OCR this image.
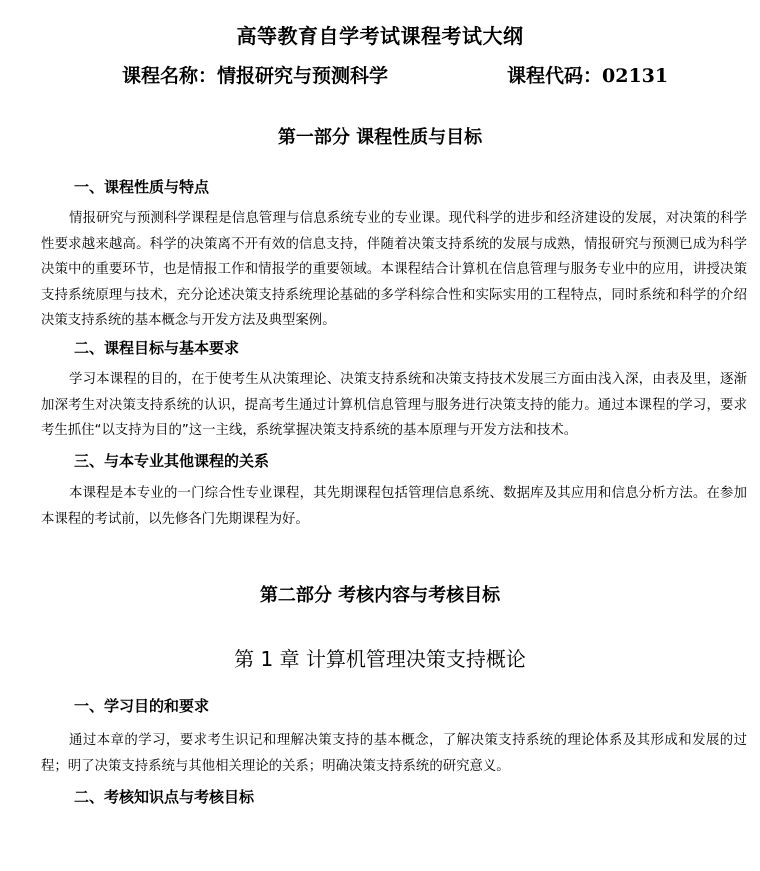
高等教育自学考试课程考试大纲
课程名称：情报研究与预测科学	课程代码：02131
第一部分 课程性质与目标
一、课程性质与特点
情报研究与预测科学课程是信息管理与信息系统专业的专业课。现代科学的进步和经济建设的发展，对决策的科学性要求越来越高。科学的决策离不开有效的信息支持，伴随着决策支持系统的发展与成熟，情报研究与预测已成为科学决策中的重要环节，也是情报工作和情报学的重要领域。本课程结合计算机在信息管理与服务专业中的应用，讲授决策支持系统原理与技术，充分论述决策支持系统理论基础的多学科综合性和实际实用的工程特点，同时系统和科学的介绍决策支持系统的基本概念与开发方法及典型案例。
二、课程目标与基本要求
学习本课程的目的，在于使考生从决策理论、决策支持系统和决策支持技术发展三方面由浅入深，由表及里，逐渐加深考生对决策支持系统的认识，提高考生通过计算机信息管理与服务进行决策支持的能力。通过本课程的学习，要求考生抓住“以支持为目的”这一主线，系统掌握决策支持系统的基本原理与开发方法和技术。
三、与本专业其他课程的关系
本课程是本专业的一门综合性专业课程，其先期课程包括管理信息系统、数据库及其应用和信息分析方法。在参加本课程的考试前，以先修各门先期课程为好。
第二部分 考核内容与考核目标
第 1 章 计算机管理决策支持概论
一、学习目的和要求
通过本章的学习，要求考生识记和理解决策支持的基本概念，了解决策支持系统的理论体系及其形成和发展的过程；明了决策支持系统与其他相关理论的关系；明确决策支持系统的研究意义。
二、考核知识点与考核目标
